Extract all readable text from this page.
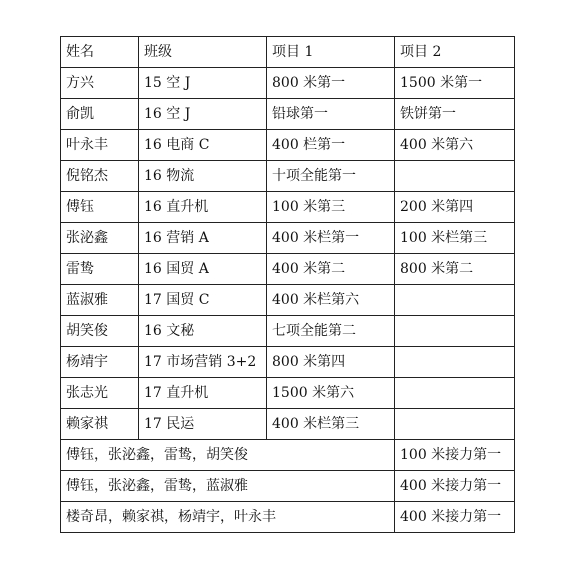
姓名	班级	项目 1	项目 2
方兴	15 空 J	800 米第一	1500 米第一
俞凯	16 空 J	铅球第一	铁饼第一
叶永丰	16 电商 C	400 栏第一	400 米第六
倪铭杰	16 物流	十项全能第一	
傅钰	16 直升机	100 米第三	200 米第四
张泌鑫	16 营销 A	400 米栏第一	100 米栏第三
雷鸷	16 国贸 A	400 米第二	800 米第二
蓝淑雅	17 国贸 C	400 米栏第六	
胡笑俊	16 文秘	七项全能第二	
杨靖宇	17 市场营销 3+2	800 米第四	
张志光	17 直升机	1500 米第六	
赖家祺	17 民运	400 米栏第三	
傅钰，张泌鑫，雷鸷，胡笑俊			100 米接力第一
傅钰，张泌鑫，雷鸷，蓝淑雅			400 米接力第一
楼奇昂，赖家祺，杨靖宇，叶永丰			400 米接力第一
